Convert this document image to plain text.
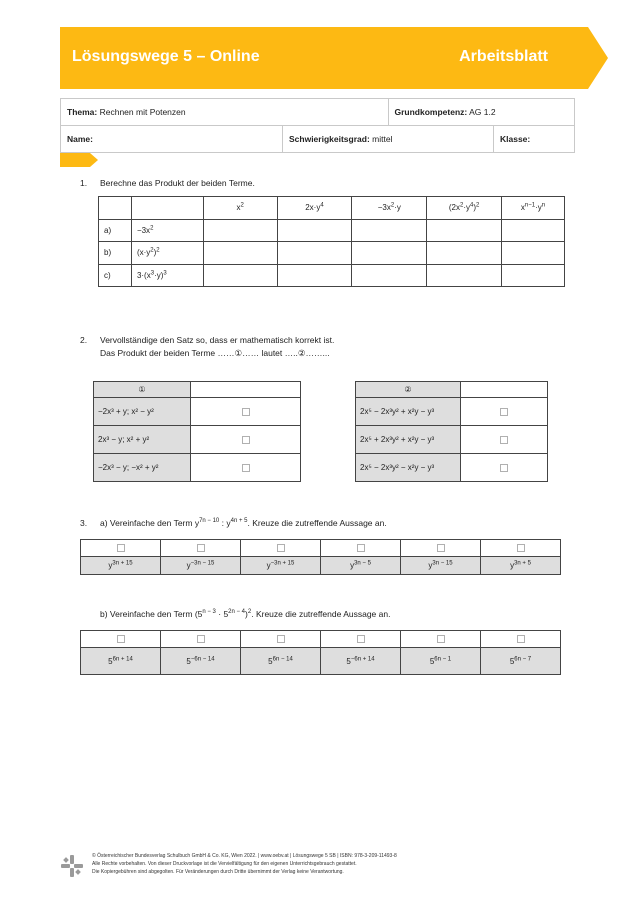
Lösungswege 5 – Online	Arbeitsblatt
Thema: Rechnen mit Potenzen		Grundkompetenz: AG 1.2	
Name:	Schwierigkeitsgrad: mittel		Klasse:
1. Berechne das Produkt der beiden Terme.
		$x^2$	$2x\cdot y^4$	$-3x^2\cdot y$	$(2x^2\cdot y^4)^2$	$x^{n-1}\cdot y^n$
a)	$-3x^2$					
b)	$(x\cdot y^2)^2$					
c)	$3\cdot(x^3\cdot y)^3$					
2. Vervollständige den Satz so, dass er mathematisch korrekt ist.
Das Produkt der beiden Terme ……①…… lautet …..②……...
①	
−2x³ + y; x² − y²	
2x³ − y; x² + y²	
−2x³ − y; −x² + y²	
②	
2x⁵ − 2x³y² + x²y − y³	
2x⁵ + 2x³y² + x²y − y³	
2x⁵ − 2x³y² − x²y − y³	
3. a) Vereinfache den Term $y^{7n - 10}$ : $y^{4n + 5}$. Kreuze die zutreffende Aussage an.

$y^{3n + 15}$	$y^{-3n - 15}$	$y^{-3n + 15}$	$y^{3n - 5}$	$y^{3n - 15}$	$y^{3n + 5}$
b) Vereinfache den Term $(5^{n - 3} \cdot 5^{2n - 4})^2$. Kreuze die zutreffende Aussage an.

$5^{6n + 14}$	$5^{-6n - 14}$	$5^{6n - 14}$	$5^{-6n + 14}$	$5^{6n - 1}$	$5^{6n - 7}$
© Österreichischer Bundesverlag Schulbuch GmbH & Co. KG, Wien 2022. | www.oebv.at | Lösungswege 5 SB | ISBN: 978-3-209-11493-8
Alle Rechte vorbehalten. Von dieser Druckvorlage ist die Vervielfältigung für den eigenen Unterrichtsgebrauch gestattet.
Die Kopiergebühren sind abgegolten. Für Veränderungen durch Dritte übernimmt der Verlag keine Verantwortung.
